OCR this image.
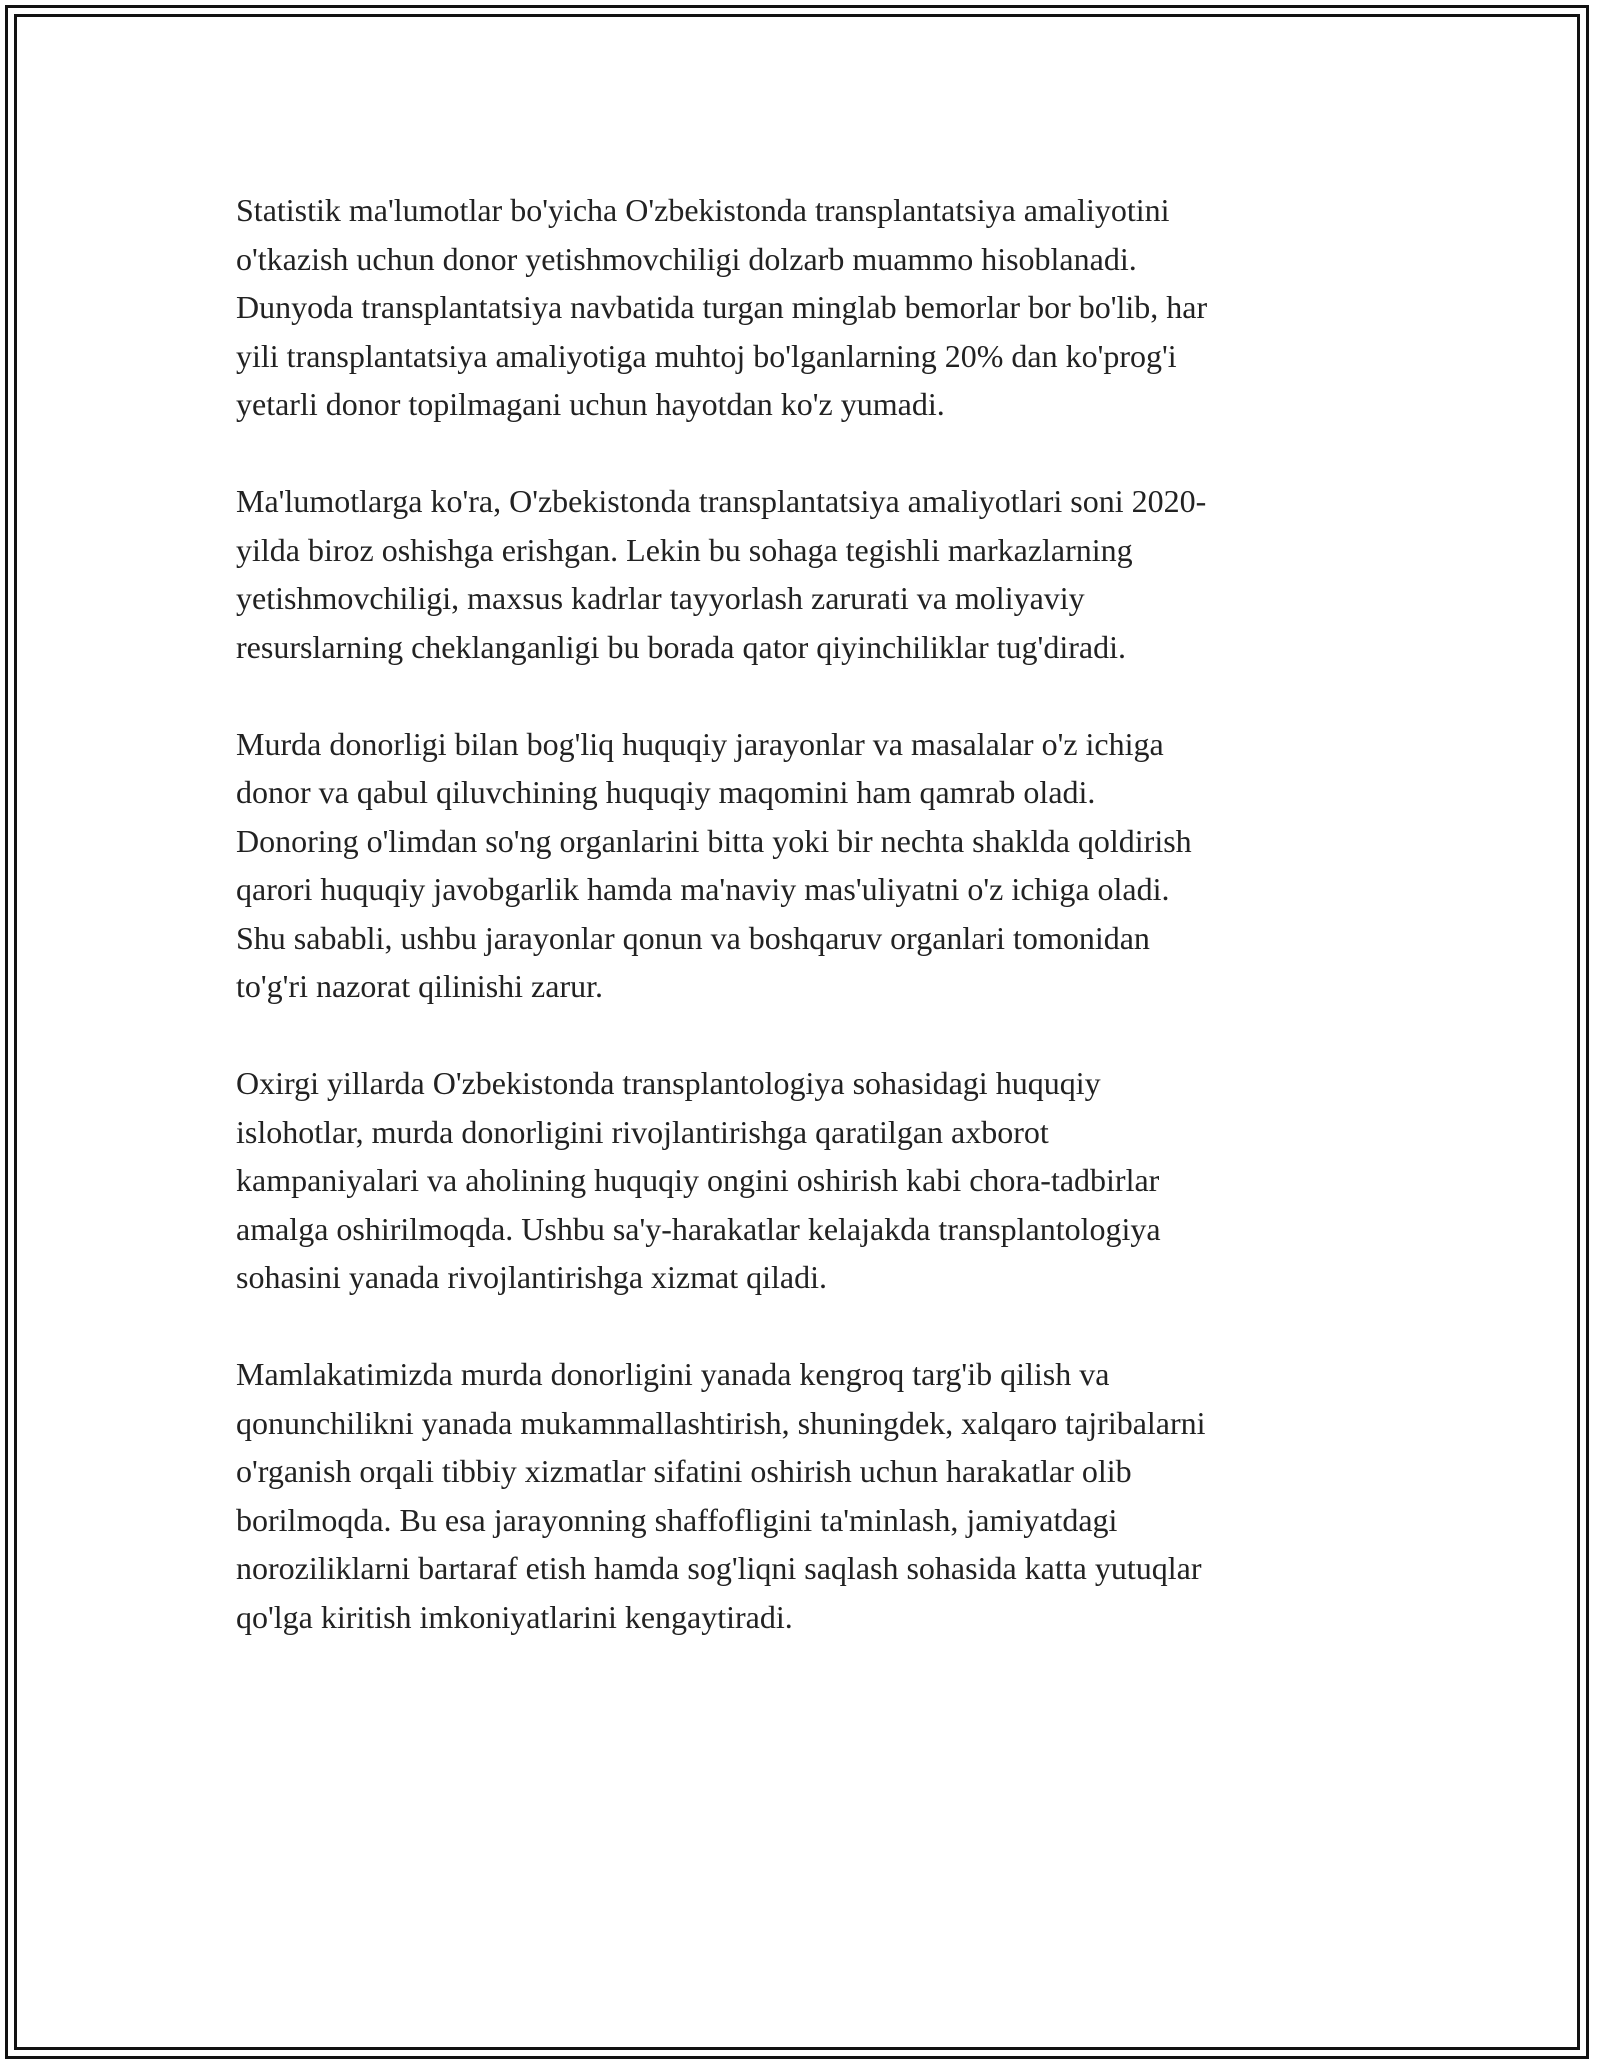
Statistik ma'lumotlar bo'yicha O'zbekistonda transplantatsiya amaliyotini
o'tkazish uchun donor yetishmovchiligi dolzarb muammo hisoblanadi.
Dunyoda transplantatsiya navbatida turgan minglab bemorlar bor bo'lib, har
yili transplantatsiya amaliyotiga muhtoj bo'lganlarning 20% dan ko'prog'i
yetarli donor topilmagani uchun hayotdan ko'z yumadi.

Ma'lumotlarga ko'ra, O'zbekistonda transplantatsiya amaliyotlari soni 2020-
yilda biroz oshishga erishgan. Lekin bu sohaga tegishli markazlarning
yetishmovchiligi, maxsus kadrlar tayyorlash zarurati va moliyaviy
resurslarning cheklanganligi bu borada qator qiyinchiliklar tug'diradi.

Murda donorligi bilan bog'liq huquqiy jarayonlar va masalalar o'z ichiga
donor va qabul qiluvchining huquqiy maqomini ham qamrab oladi.
Donoring o'limdan so'ng organlarini bitta yoki bir nechta shaklda qoldirish
qarori huquqiy javobgarlik hamda ma'naviy mas'uliyatni o'z ichiga oladi.
Shu sababli, ushbu jarayonlar qonun va boshqaruv organlari tomonidan
to'g'ri nazorat qilinishi zarur.

Oxirgi yillarda O'zbekistonda transplantologiya sohasidagi huquqiy
islohotlar, murda donorligini rivojlantirishga qaratilgan axborot
kampaniyalari va aholining huquqiy ongini oshirish kabi chora-tadbirlar
amalga oshirilmoqda. Ushbu sa'y-harakatlar kelajakda transplantologiya
sohasini yanada rivojlantirishga xizmat qiladi.

Mamlakatimizda murda donorligini yanada kengroq targ'ib qilish va
qonunchilikni yanada mukammallashtirish, shuningdek, xalqaro tajribalarni
o'rganish orqali tibbiy xizmatlar sifatini oshirish uchun harakatlar olib
borilmoqda. Bu esa jarayonning shaffofligini ta'minlash, jamiyatdagi
noroziliklarni bartaraf etish hamda sog'liqni saqlash sohasida katta yutuqlar
qo'lga kiritish imkoniyatlarini kengaytiradi.
